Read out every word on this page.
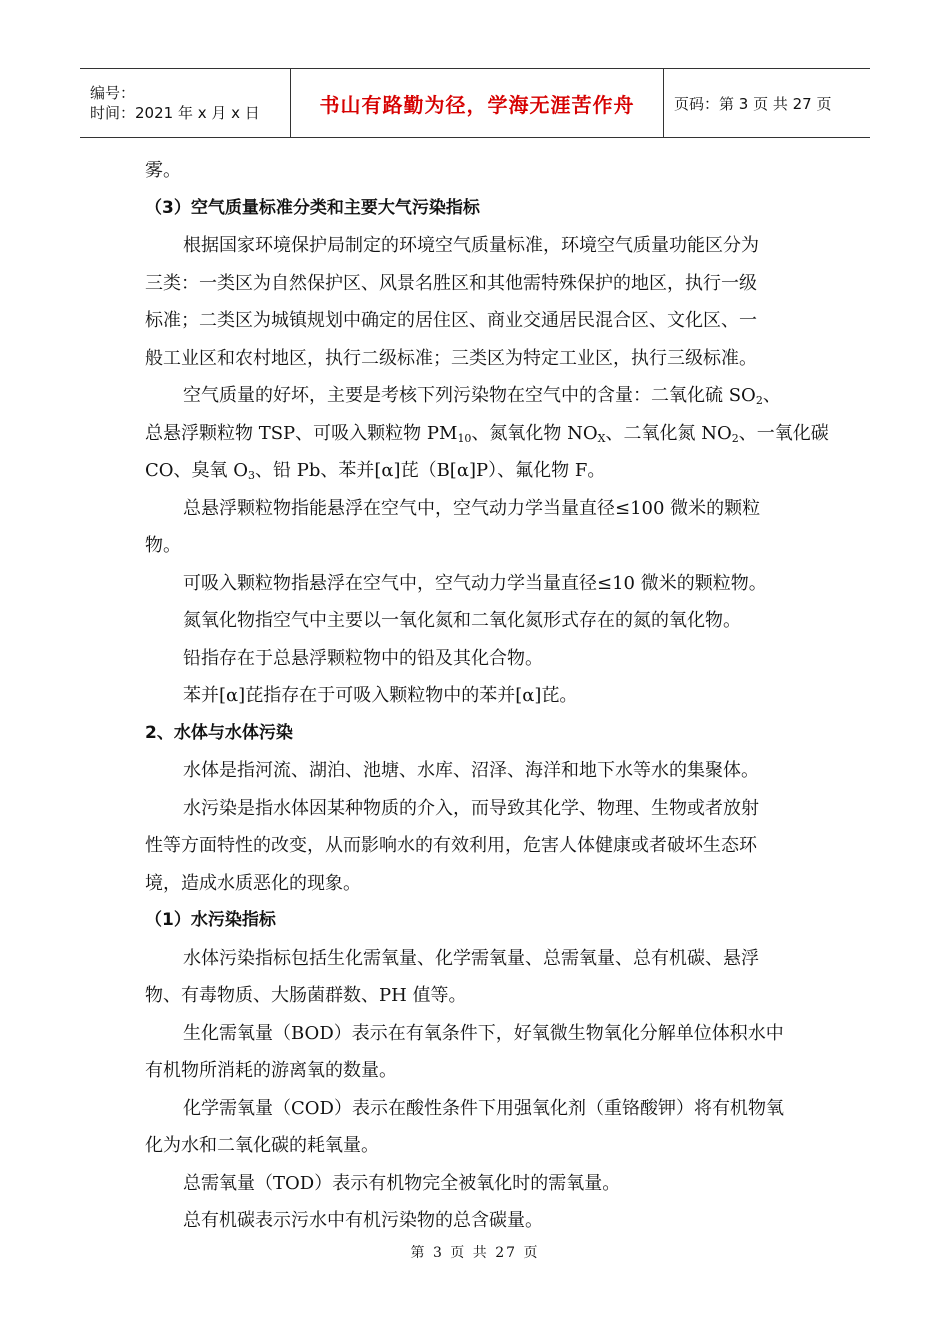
编号：
时间：2021 年 x 月 x 日	书山有路勤为径，学海无涯苦作舟	页码：第 3 页 共 27 页
雾。
（3）空气质量标准分类和主要大气污染指标
根据国家环境保护局制定的环境空气质量标准，环境空气质量功能区分为
三类：一类区为自然保护区、风景名胜区和其他需特殊保护的地区，执行一级
标准；二类区为城镇规划中确定的居住区、商业交通居民混合区、文化区、一
般工业区和农村地区，执行二级标准；三类区为特定工业区，执行三级标准。
空气质量的好坏，主要是考核下列污染物在空气中的含量：二氧化硫 $SO_2$、
总悬浮颗粒物 TSP、可吸入颗粒物 $PM_{10}$、氮氧化物 $NO_X$、二氧化氮 $NO_2$、一氧化碳
CO、臭氧 $O_3$、铅 Pb、苯并[α]芘（B[α]P）、氟化物 F。
总悬浮颗粒物指能悬浮在空气中，空气动力学当量直径≤100 微米的颗粒
物。
可吸入颗粒物指悬浮在空气中，空气动力学当量直径≤10 微米的颗粒物。
氮氧化物指空气中主要以一氧化氮和二氧化氮形式存在的氮的氧化物。
铅指存在于总悬浮颗粒物中的铅及其化合物。
苯并[α]芘指存在于可吸入颗粒物中的苯并[α]芘。
2、水体与水体污染
水体是指河流、湖泊、池塘、水库、沼泽、海洋和地下水等水的集聚体。
水污染是指水体因某种物质的介入，而导致其化学、物理、生物或者放射
性等方面特性的改变，从而影响水的有效利用，危害人体健康或者破坏生态环
境，造成水质恶化的现象。
（1）水污染指标
水体污染指标包括生化需氧量、化学需氧量、总需氧量、总有机碳、悬浮
物、有毒物质、大肠菌群数、PH 值等。
生化需氧量（BOD）表示在有氧条件下，好氧微生物氧化分解单位体积水中
有机物所消耗的游离氧的数量。
化学需氧量（COD）表示在酸性条件下用强氧化剂（重铬酸钾）将有机物氧
化为水和二氧化碳的耗氧量。
总需氧量（TOD）表示有机物完全被氧化时的需氧量。
总有机碳表示污水中有机污染物的总含碳量。
第 3 页 共 27 页
